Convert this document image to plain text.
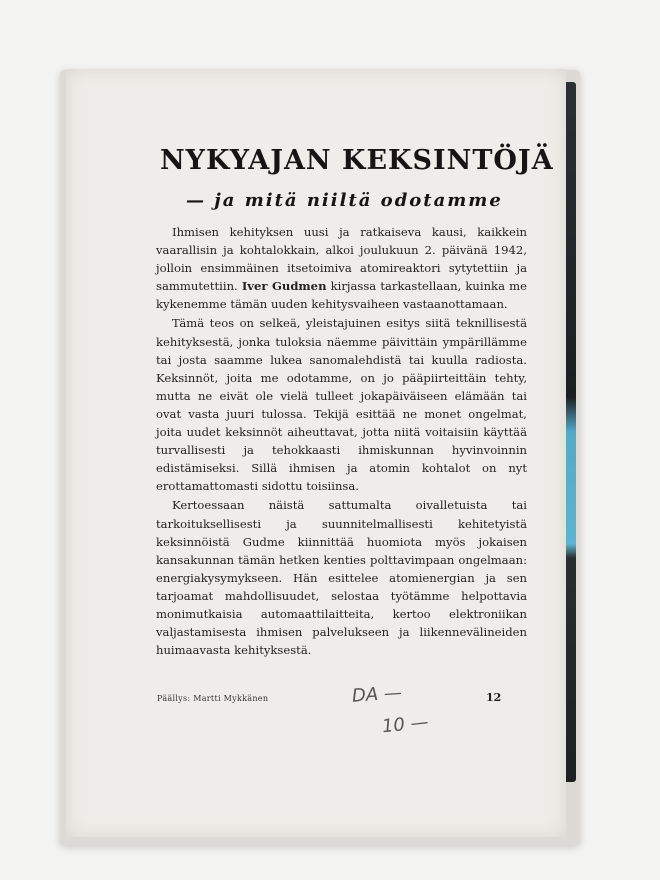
NYKYAJAN KEKSINTÖJÄ
— ja mitä niiltä odotamme

Ihmisen kehityksen uusi ja ratkaiseva kausi, kaikkein vaarallisin ja kohtalokkain, alkoi joulukuun 2. päivänä 1942, jolloin ensimmäinen itsetoimiva atomireaktori sytytettiin ja sammutettiin. Iver Gudmen kirjassa tarkastellaan, kuinka me kykenemme tämän uuden kehitysvaiheen vastaanottamaan.

Tämä teos on selkeä, yleistajuinen esitys siitä teknillisestä kehityksestä, jonka tuloksia näemme päivittäin ympärillämme tai josta saamme lukea sanomalehdistä tai kuulla radiosta. Keksinnöt, joita me odotamme, on jo pääpiirteittäin tehty, mutta ne eivät ole vielä tulleet jokapäiväiseen elämään tai ovat vasta juuri tulossa. Tekijä esittää ne monet ongelmat, joita uudet keksinnöt aiheuttavat, jotta niitä voitaisiin käyttää turvallisesti ja tehokkaasti ihmiskunnan hyvinvoinnin edistämiseksi. Sillä ihmisen ja atomin kohtalot on nyt erottamattomasti sidottu toisiinsa.

Kertoessaan näistä sattumalta oivalletuista tai tarkoituksellisesti ja suunnitelmallisesti kehitetyistä keksinnöistä Gudme kiinnittää huomiota myös jokaisen kansakunnan tämän hetken kenties polttavimpaan ongelmaan: energiakysymykseen. Hän esittelee atomienergian ja sen tarjoamat mahdollisuudet, selostaa työtämme helpottavia monimutkaisia automaattilaitteita, kertoo elektroniikan valjastamisesta ihmisen palvelukseen ja liikennevälineiden huimaavasta kehityksestä.

Päällys: Martti Mykkänen	12
DA —
10 —
